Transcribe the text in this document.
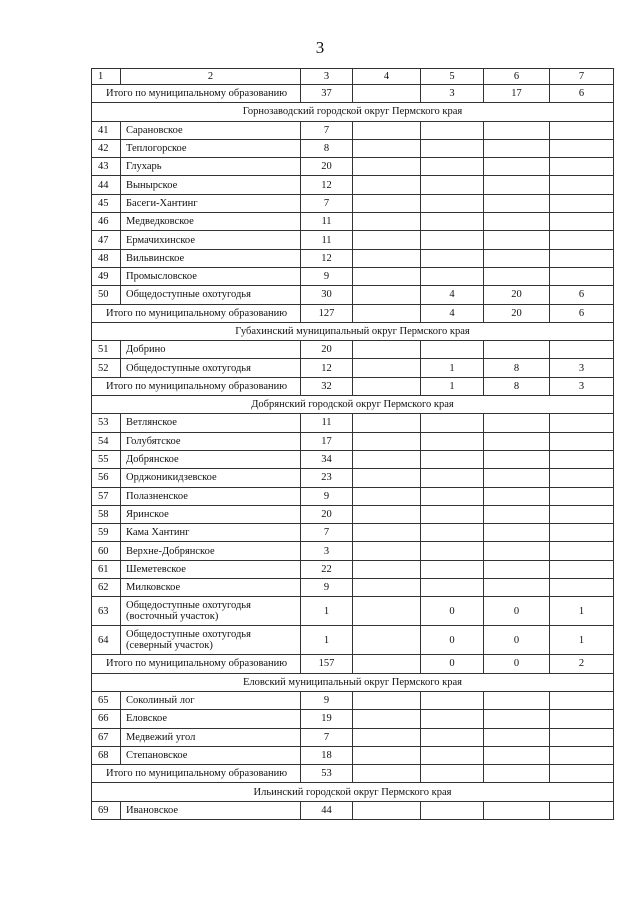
3
1	2	3	4	5	6	7
Итого по муниципальному образованию		37		3	17	6
Горнозаводский городской округ Пермского края						
41	Сарановское	7				
42	Теплогорское	8				
43	Глухарь	20				
44	Вынырское	12				
45	Басеги-Хантинг	7				
46	Медведковское	11				
47	Ермачихинское	11				
48	Вильвинское	12				
49	Промысловское	9				
50	Общедоступные охотугодья	30		4	20	6
Итого по муниципальному образованию		127		4	20	6
Губахинский муниципальный округ Пермского края						
51	Добрино	20				
52	Общедоступные охотугодья	12		1	8	3
Итого по муниципальному образованию		32		1	8	3
Добрянский городской округ Пермского края						
53	Ветлянское	11				
54	Голубятское	17				
55	Добрянское	34				
56	Орджоникидзевское	23				
57	Полазненское	9				
58	Яринское	20				
59	Кама Хантинг	7				
60	Верхне-Добрянское	3				
61	Шеметевское	22				
62	Милковское	9				
63	Общедоступные охотугодья (восточный участок)	1		0	0	1
64	Общедоступные охотугодья (северный участок)	1		0	0	1
Итого по муниципальному образованию		157		0	0	2
Еловский муниципальный округ Пермского края						
65	Соколиный лог	9				
66	Еловское	19				
67	Медвежий угол	7				
68	Степановское	18				
Итого по муниципальному образованию		53				
Ильинский городской округ Пермского края						
69	Ивановское	44				
